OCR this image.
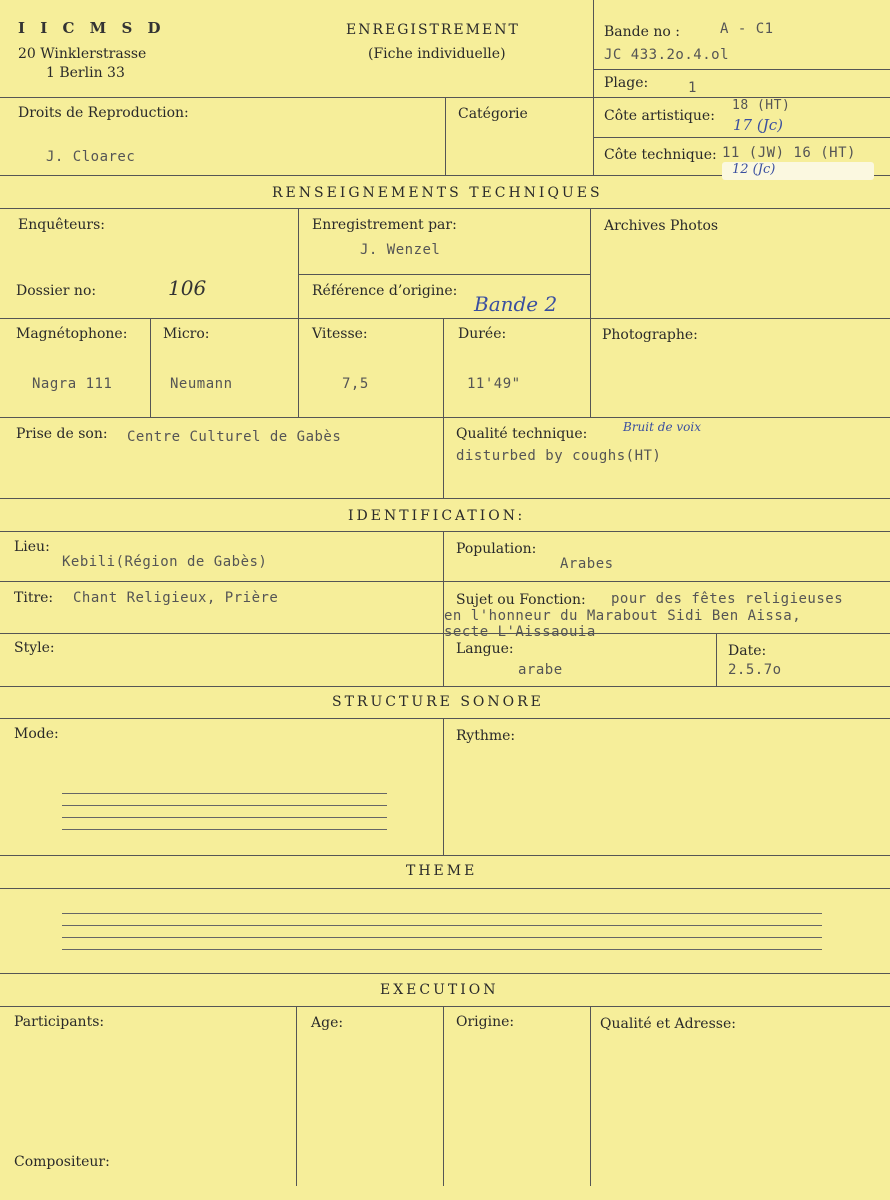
I I C M S D
20 Winklerstrasse
1 Berlin 33
ENREGISTREMENT
(Fiche individuelle)
Bande no :	A - C1
JC 433.2o.4.ol
Plage:	1
Droits de Reproduction:
J. Cloarec
Catégorie	Côte artistique:
18 (HT)
17 (Jc)
Côte technique: 11 (JW) 16 (HT)
12 (Jc)
RENSEIGNEMENTS TECHNIQUES
Enquêteurs:	Enregistrement par:
J. Wenzel
Archives Photos
Dossier no:	106	Référence d’origine:
Bande 2
Magnétophone:
Nagra 111
Micro:
Neumann
Vitesse:
7,5
Durée:
11'49"
Photographe:
Prise de son: Centre Culturel de Gabès	Qualité technique:	Bruit de voix
disturbed by coughs(HT)
IDENTIFICATION:
Lieu:
Kebili(Région de Gabès)
Population:
Arabes
Titre: Chant Religieux, Prière	Sujet ou Fonction: pour des fêtes religieuses
en l'honneur du Marabout Sidi Ben Aissa,
secte L'Aissaouia
Style:	Langue:
arabe
Date:
2.5.7o
STRUCTURE SONORE
Mode:	Rythme:
THEME
EXECUTION
Participants:	Age:	Origine:	Qualité et Adresse:
Compositeur:
